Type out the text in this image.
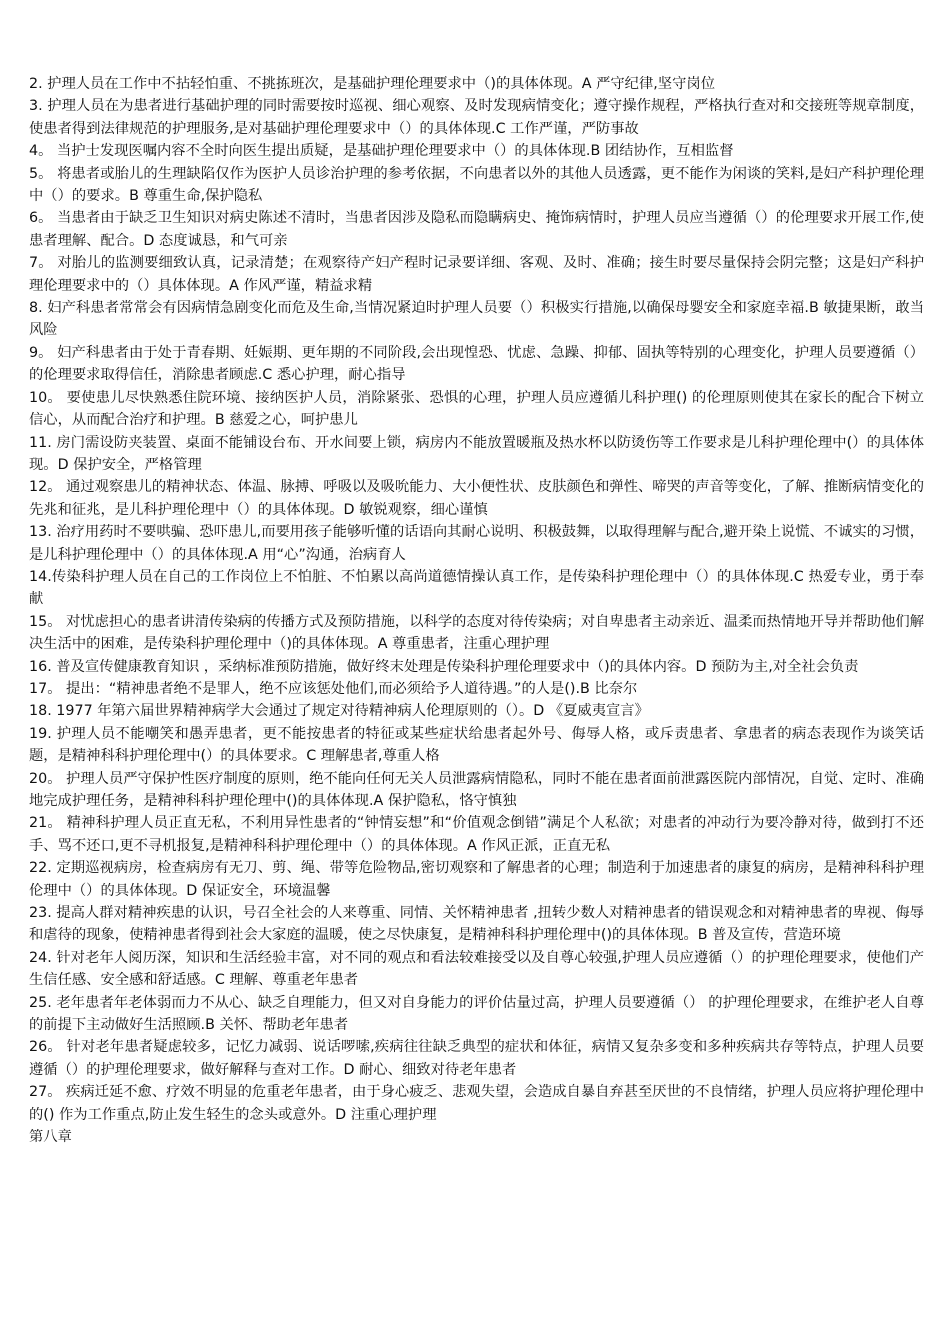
2. 护理人员在工作中不拈轻怕重、不挑拣班次，是基础护理伦理要求中（)的具体体现。A 严守纪律,坚守岗位

3. 护理人员在为患者进行基础护理的同时需要按时巡视、细心观察、及时发现病情变化；遵守操作规程，严格执行查对和交接班等规章制度，使患者得到法律规范的护理服务,是对基础护理伦理要求中（）的具体体现.C 工作严谨，严防事故

4。 当护士发现医嘱内容不全时向医生提出质疑，是基础护理伦理要求中（）的具体体现.B 团结协作，互相监督

5。 将患者或胎儿的生理缺陷仅作为医护人员诊治护理的参考依据，不向患者以外的其他人员透露，更不能作为闲谈的笑料,是妇产科护理伦理中（）的要求。B 尊重生命,保护隐私

6。 当患者由于缺乏卫生知识对病史陈述不清时，当患者因涉及隐私而隐瞒病史、掩饰病情时，护理人员应当遵循（）的伦理要求开展工作,使患者理解、配合。D 态度诚恳，和气可亲

7。 对胎儿的监测要细致认真，记录清楚；在观察待产妇产程时记录要详细、客观、及时、准确；接生时要尽量保持会阴完整；这是妇产科护理伦理要求中的（）具体体现。A 作风严谨，精益求精

8. 妇产科患者常常会有因病情急剧变化而危及生命,当情况紧迫时护理人员要（）积极实行措施,以确保母婴安全和家庭幸福.B 敏捷果断，敢当风险

9。 妇产科患者由于处于青春期、妊娠期、更年期的不同阶段,会出现惶恐、忧虑、急躁、抑郁、固执等特别的心理变化，护理人员要遵循（）的伦理要求取得信任，消除患者顾虑.C 悉心护理，耐心指导

10。 要使患儿尽快熟悉住院环境、接纳医护人员，消除紧张、恐惧的心理，护理人员应遵循儿科护理() 的伦理原则使其在家长的配合下树立信心，从而配合治疗和护理。B 慈爱之心，呵护患儿

11. 房门需设防夹装置、桌面不能铺设台布、开水间要上锁，病房内不能放置暖瓶及热水杯以防烫伤等工作要求是儿科护理伦理中(）的具体体现。D 保护安全，严格管理

12。 通过观察患儿的精神状态、体温、脉搏、呼吸以及吸吮能力、大小便性状、皮肤颜色和弹性、啼哭的声音等变化，了解、推断病情变化的先兆和征兆，是儿科护理伦理中（）的具体体现。D 敏锐观察，细心谨慎

13. 治疗用药时不要哄骗、恐吓患儿,而要用孩子能够听懂的话语向其耐心说明、积极鼓舞，以取得理解与配合,避开染上说慌、不诚实的习惯，是儿科护理伦理中（）的具体体现.A 用“心”沟通，治病育人

14.传染科护理人员在自己的工作岗位上不怕脏、不怕累以高尚道德情操认真工作，是传染科护理伦理中（）的具体体现.C 热爱专业，勇于奉献

15。 对忧虑担心的患者讲清传染病的传播方式及预防措施，以科学的态度对待传染病；对自卑患者主动亲近、温柔而热情地开导并帮助他们解决生活中的困难，是传染科护理伦理中（)的具体体现。A 尊重患者，注重心理护理

16. 普及宣传健康教育知识 ，采纳标准预防措施，做好终末处理是传染科护理伦理要求中（)的具体内容。D 预防为主,对全社会负责

17。 提出：“精神患者绝不是罪人，绝不应该惩处他们,而必须给予人道待遇。”的人是().B 比奈尔

18. 1977 年第六届世界精神病学大会通过了规定对待精神病人伦理原则的（）。D 《夏威夷宣言》

19. 护理人员不能嘲笑和愚弄患者，更不能按患者的特征或某些症状给患者起外号、侮辱人格，或斥责患者、拿患者的病态表现作为谈笑话题，是精神科科护理伦理中(）的具体要求。C 理解患者,尊重人格

20。 护理人员严守保护性医疗制度的原则，绝不能向任何无关人员泄露病情隐私，同时不能在患者面前泄露医院内部情况，自觉、定时、准确地完成护理任务，是精神科科护理伦理中()的具体体现.A 保护隐私，恪守慎独

21。 精神科护理人员正直无私，不利用异性患者的“钟情妄想”和“价值观念倒错”满足个人私欲；对患者的冲动行为要冷静对待，做到打不还手、骂不还口,更不寻机报复,是精神科科护理伦理中（）的具体体现。A 作风正派，正直无私

22. 定期巡视病房，检查病房有无刀、剪、绳、带等危险物品,密切观察和了解患者的心理；制造利于加速患者的康复的病房，是精神科科护理伦理中（）的具体体现。D 保证安全，环境温馨

23. 提高人群对精神疾患的认识，号召全社会的人来尊重、同情、关怀精神患者 ,扭转少数人对精神患者的错误观念和对精神患者的卑视、侮辱和虐待的现象，使精神患者得到社会大家庭的温暖，使之尽快康复，是精神科科护理伦理中()的具体体现。B 普及宣传，营造环境

24. 针对老年人阅历深，知识和生活经验丰富，对不同的观点和看法较难接受以及自尊心较强,护理人员应遵循（）的护理伦理要求，使他们产生信任感、安全感和舒适感。C 理解、尊重老年患者

25. 老年患者年老体弱而力不从心、缺乏自理能力，但又对自身能力的评价估量过高，护理人员要遵循（） 的护理伦理要求，在维护老人自尊的前提下主动做好生活照顾.B 关怀、帮助老年患者

26。 针对老年患者疑虑较多，记忆力减弱、说话啰嗦,疾病往往缺乏典型的症状和体征，病情又复杂多变和多种疾病共存等特点，护理人员要遵循（）的护理伦理要求，做好解释与查对工作。D 耐心、细致对待老年患者

27。 疾病迁延不愈、疗效不明显的危重老年患者，由于身心疲乏、悲观失望，会造成自暴自弃甚至厌世的不良情绪，护理人员应将护理伦理中的() 作为工作重点,防止发生轻生的念头或意外。D 注重心理护理

第八章
